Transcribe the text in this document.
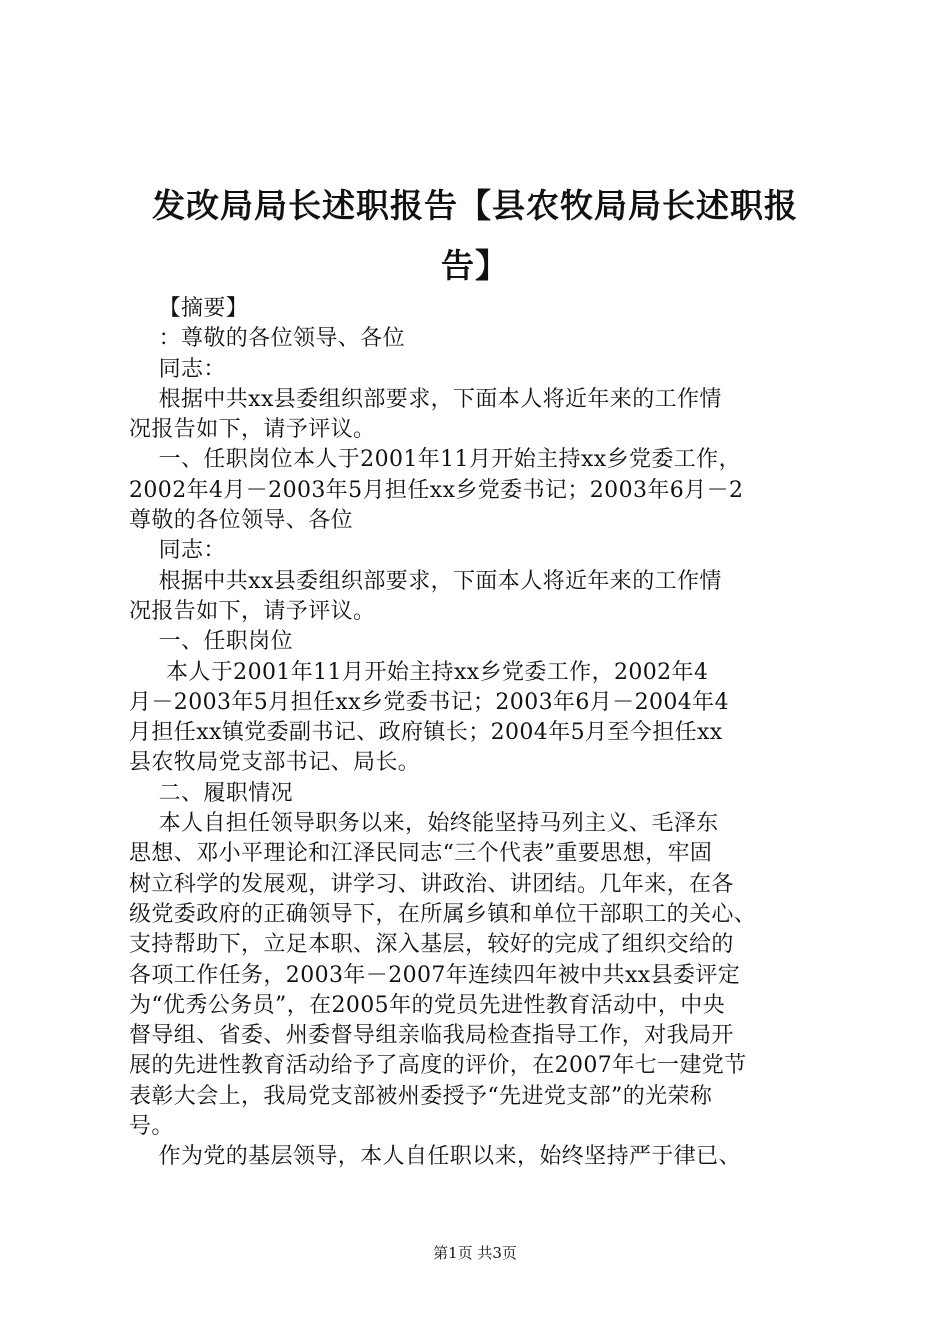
发改局局长述职报告【县农牧局局长述职报
告】

【摘要】

：尊敬的各位领导、各位

同志：

根据中共xx县委组织部要求，下面本人将近年来的工作情

况报告如下，请予评议。

一、任职岗位本人于2001年11月开始主持xx乡党委工作，

2002年4月－2003年5月担任xx乡党委书记；2003年6月－2

尊敬的各位领导、各位

同志：

根据中共xx县委组织部要求，下面本人将近年来的工作情

况报告如下，请予评议。

一、任职岗位

本人于2001年11月开始主持xx乡党委工作，2002年4

月－2003年5月担任xx乡党委书记；2003年6月－2004年4

月担任xx镇党委副书记、政府镇长；2004年5月至今担任xx

县农牧局党支部书记、局长。

二、履职情况

本人自担任领导职务以来，始终能坚持马列主义、毛泽东

思想、邓小平理论和江泽民同志“三个代表”重要思想，牢固

树立科学的发展观，讲学习、讲政治、讲团结。几年来，在各

级党委政府的正确领导下，在所属乡镇和单位干部职工的关心、

支持帮助下，立足本职、深入基层，较好的完成了组织交给的

各项工作任务，2003年－2007年连续四年被中共xx县委评定

为“优秀公务员”，在2005年的党员先进性教育活动中，中央

督导组、省委、州委督导组亲临我局检查指导工作，对我局开

展的先进性教育活动给予了高度的评价，在2007年七一建党节

表彰大会上，我局党支部被州委授予“先进党支部”的光荣称

号。

作为党的基层领导，本人自任职以来，始终坚持严于律已、

第1页 共3页
